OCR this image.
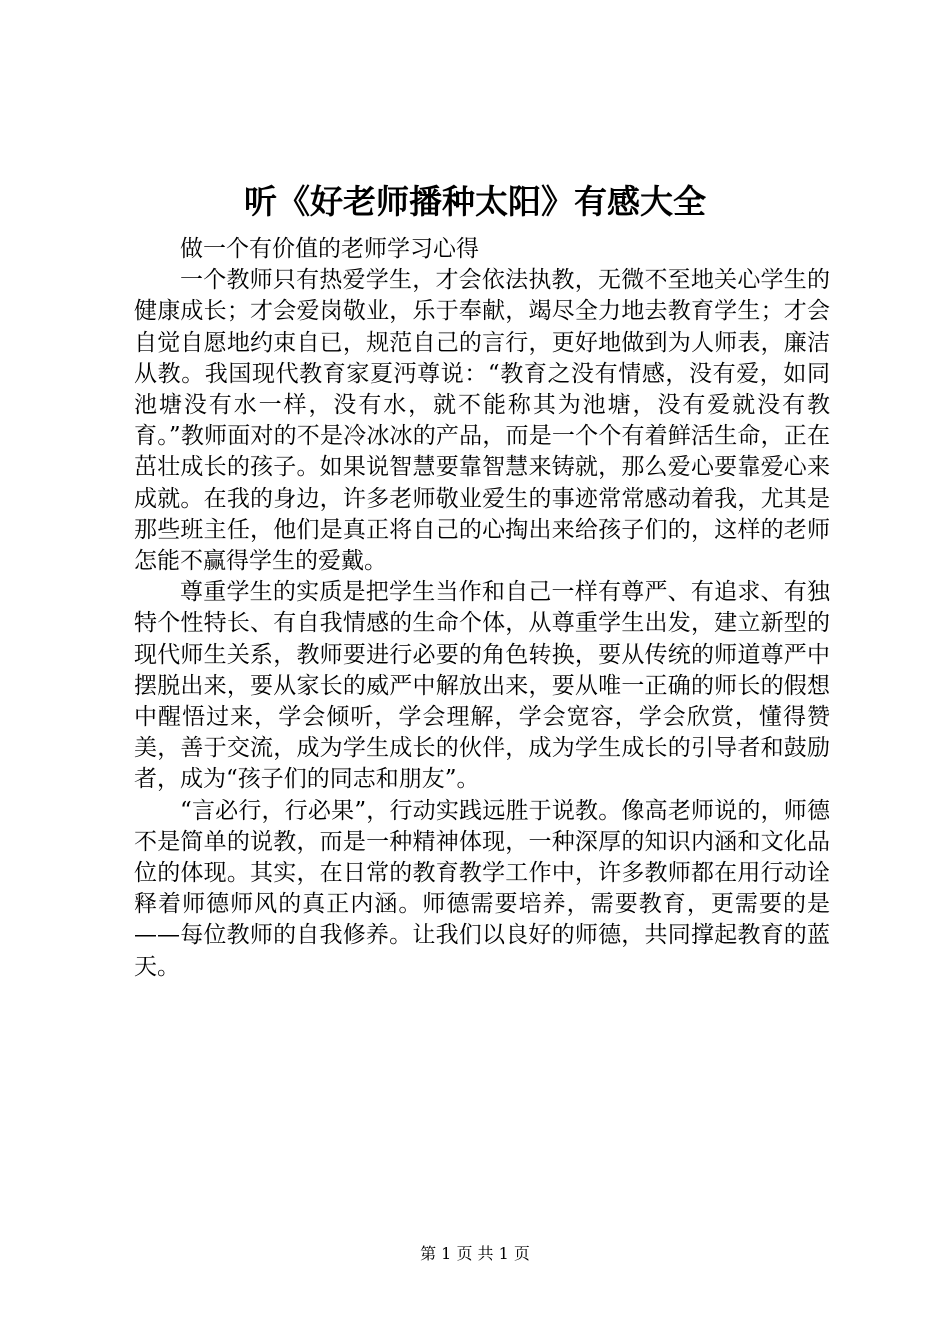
听《好老师播种太阳》有感大全

做一个有价值的老师学习心得

一个教师只有热爱学生，才会依法执教，无微不至地关心学生的健康成长；才会爱岗敬业，乐于奉献，竭尽全力地去教育学生；才会自觉自愿地约束自已，规范自己的言行，更好地做到为人师表，廉洁从教。我国现代教育家夏沔尊说：“教育之没有情感，没有爱，如同池塘没有水一样，没有水，就不能称其为池塘，没有爱就没有教育。”教师面对的不是冷冰冰的产品，而是一个个有着鲜活生命，正在茁壮成长的孩子。如果说智慧要靠智慧来铸就，那么爱心要靠爱心来成就。在我的身边，许多老师敬业爱生的事迹常常感动着我，尤其是那些班主任，他们是真正将自己的心掏出来给孩子们的，这样的老师怎能不赢得学生的爱戴。

尊重学生的实质是把学生当作和自己一样有尊严、有追求、有独特个性特长、有自我情感的生命个体，从尊重学生出发，建立新型的现代师生关系，教师要进行必要的角色转换，要从传统的师道尊严中摆脱出来，要从家长的威严中解放出来，要从唯一正确的师长的假想中醒悟过来，学会倾听，学会理解，学会宽容，学会欣赏，懂得赞美，善于交流，成为学生成长的伙伴，成为学生成长的引导者和鼓励者，成为“孩子们的同志和朋友”。

“言必行，行必果”，行动实践远胜于说教。像高老师说的，师德不是简单的说教，而是一种精神体现，一种深厚的知识内涵和文化品位的体现。其实，在日常的教育教学工作中，许多教师都在用行动诠释着师德师风的真正内涵。师德需要培养，需要教育，更需要的是——每位教师的自我修养。让我们以良好的师德，共同撑起教育的蓝天。

第 1 页 共 1 页
